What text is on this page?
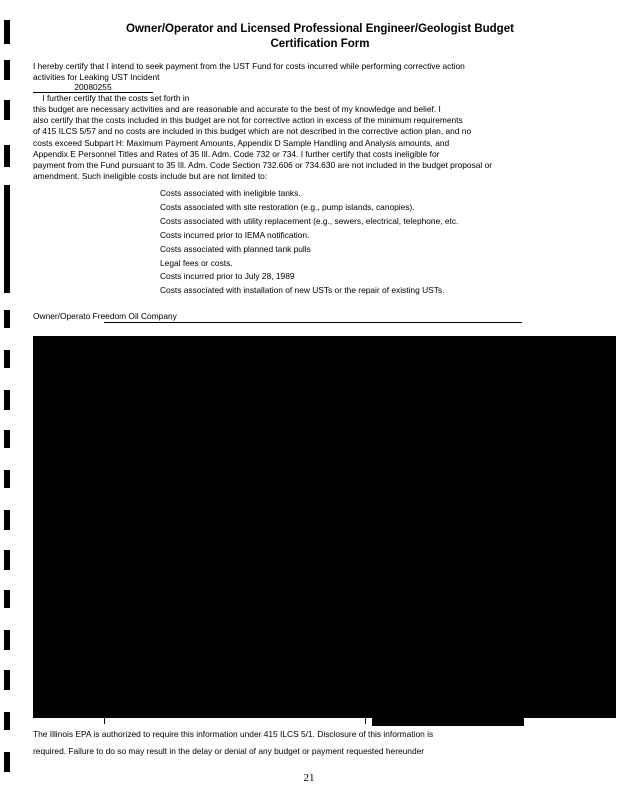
Owner/Operator and Licensed Professional Engineer/Geologist Budget
Certification Form
I hereby certify that I intend to seek payment from the UST Fund for costs incurred while performing corrective action
activities for Leaking UST Incident
20080255
I further certify that the costs set forth in
this budget are necessary activities and are reasonable and accurate to the best of my knowledge and belief. I
also certify that the costs included in this budget are not for corrective action in excess of the minimum requirements
of 415 ILCS 5/57 and no costs are included in this budget which are not described in the corrective action plan, and no
costs exceed Subpart H: Maximum Payment Amounts, Appendix D Sample Handling and Analysis amounts, and
Appendix E Personnel Titles and Rates of 35 Ill. Adm. Code 732 or 734. I further certify that costs ineligible for
payment from the Fund pursuant to 35 Ill. Adm. Code Section 732.606 or 734.630 are not included in the budget proposal or
amendment. Such ineligible costs include but are not limited to:
Costs associated with ineligible tanks.
Costs associated with site restoration (e.g., pump islands, canopies).
Costs associated with utility replacement (e.g., sewers, electrical, telephone, etc.
Costs incurred prior to IEMA notification.
Costs associated with planned tank pulls
Legal fees or costs.
Costs incurred prior to July 28, 1989
Costs associated with installation of new USTs or the repair of existing USTs.
Owner/Operato Freedom Oil Company
The Illinois EPA is authorized to require this information under 415 ILCS 5/1. Disclosure of this information is
required. Failure to do so may result in the delay or denial of any budget or payment requested hereunder
21
